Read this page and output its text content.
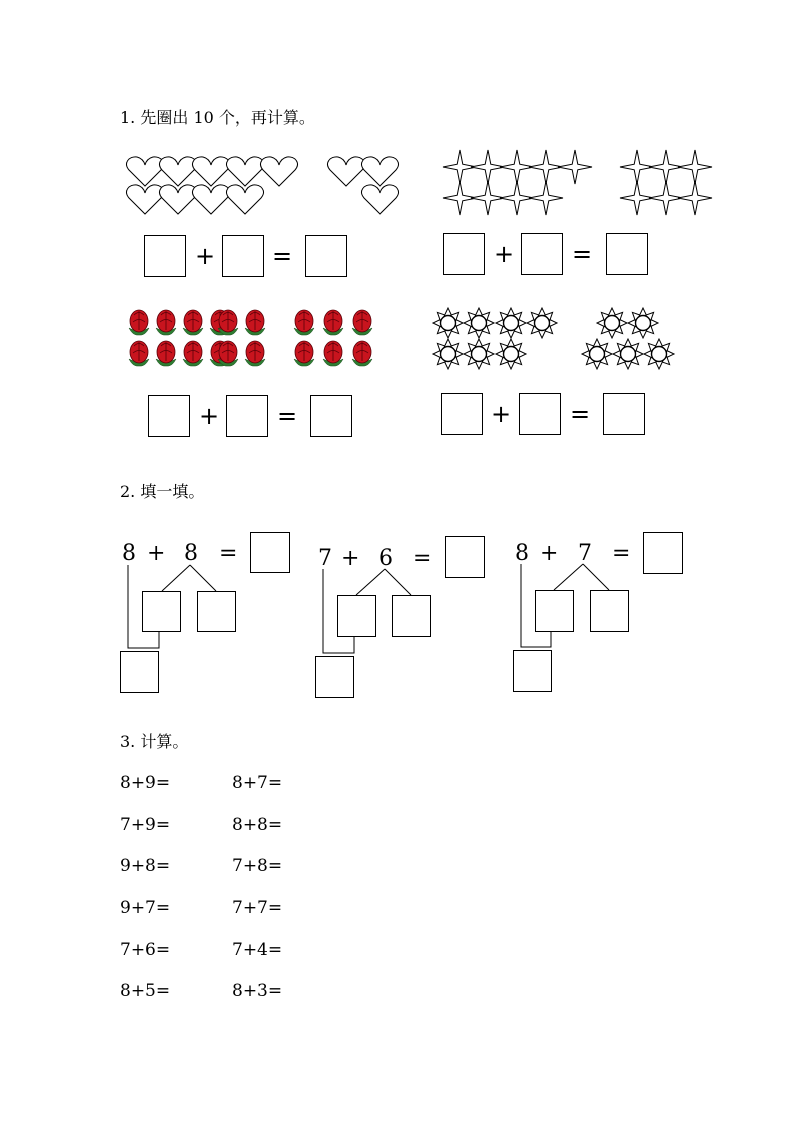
1. 先圈出 10 个，再计算。
+ =	+ =
+ =	+ =
2. 填一填。
8 + 8 =	7 + 6 =	8 + 7 =
3. 计算。
8+9=	8+7=
7+9=	8+8=
9+8=	7+8=
9+7=	7+7=
7+6=	7+4=
8+5=	8+3=
